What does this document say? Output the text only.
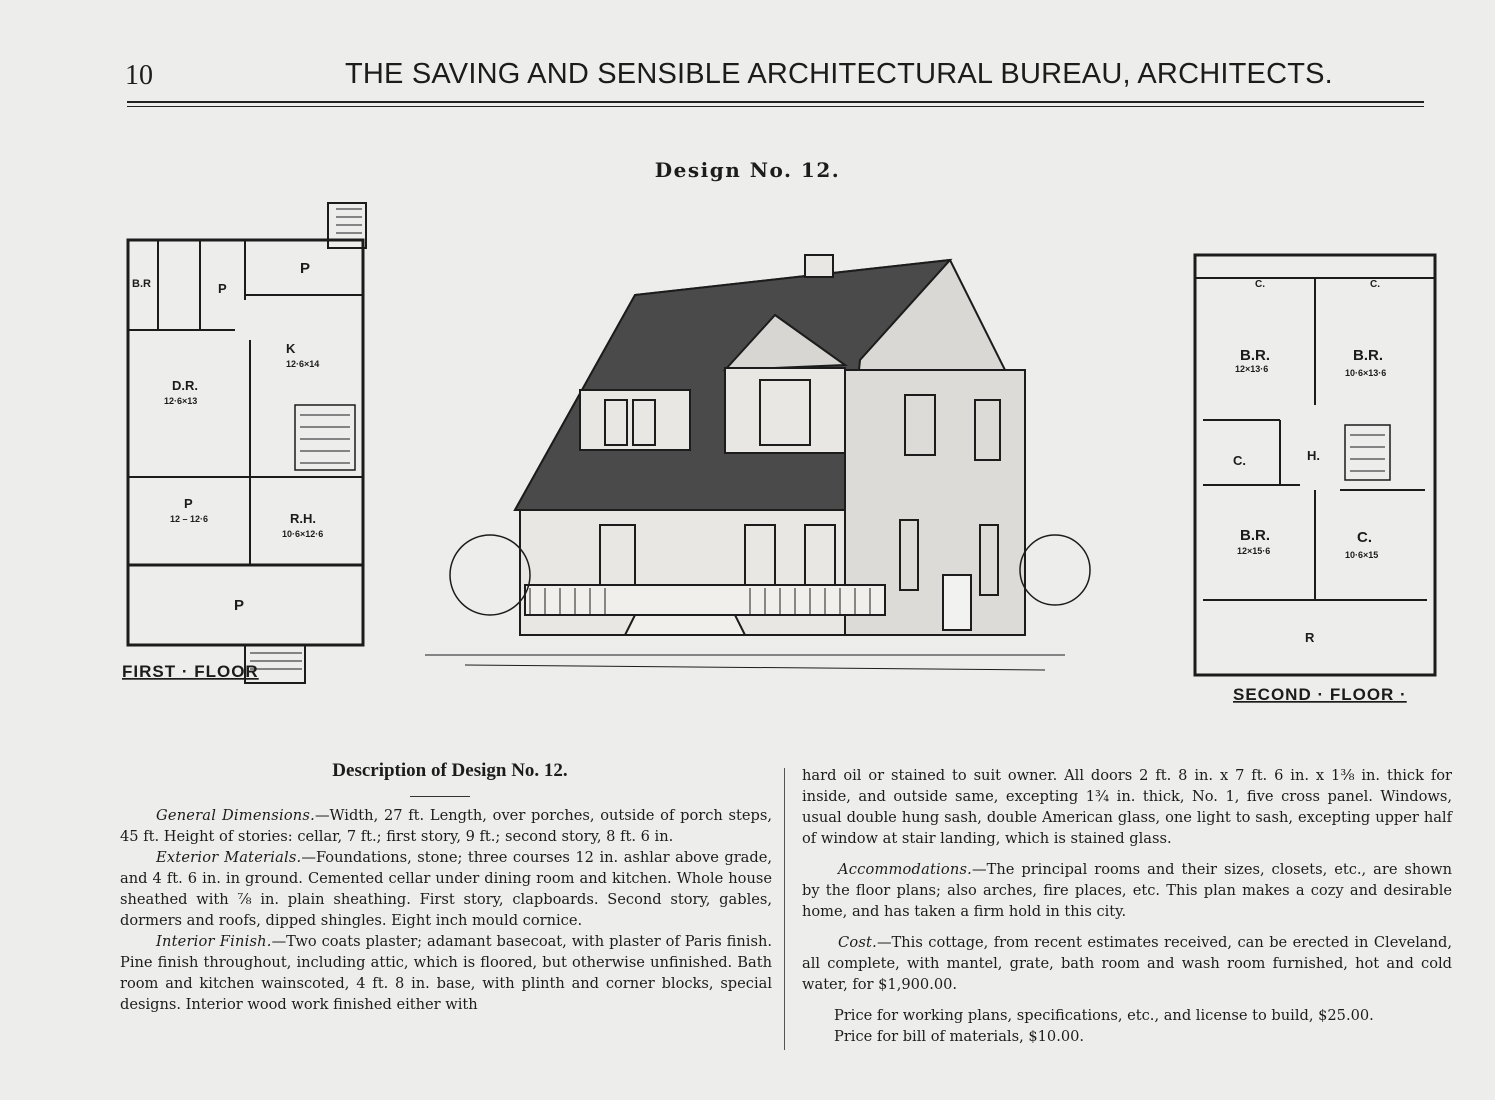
10	THE SAVING AND SENSIBLE ARCHITECTURAL BUREAU, ARCHITECTS.
Design No. 12.
B.R	P
P
K
12·6×14
D.R.
12·6×13
P
12 – 12·6	R.H.
10·6×12·6
P
FIRST · FLOOR
C.	C.
B.R.
12×13·6
B.R.
10·6×13·6
C.	H.
B.R.
12×15·6
C.
10·6×15
R
SECOND · FLOOR ·
Description of Design No. 12.

General Dimensions.—Width, 27 ft. Length, over porches, outside of porch steps, 45 ft. Height of stories: cellar, 7 ft.; first story, 9 ft.; second story, 8 ft. 6 in.

Exterior Materials.—Foundations, stone; three courses 12 in. ashlar above grade, and 4 ft. 6 in. in ground. Cemented cellar under dining room and kitchen. Whole house sheathed with ⅞ in. plain sheathing. First story, clapboards. Second story, gables, dormers and roofs, dipped shingles. Eight inch mould cornice.

Interior Finish.—Two coats plaster; adamant basecoat, with plaster of Paris finish. Pine finish throughout, including attic, which is floored, but otherwise unfinished. Bath room and kitchen wainscoted, 4 ft. 8 in. base, with plinth and corner blocks, special designs. Interior wood work finished either with

hard oil or stained to suit owner. All doors 2 ft. 8 in. x 7 ft. 6 in. x 1⅜ in. thick for inside, and outside same, excepting 1¾ in. thick, No. 1, five cross panel. Windows, usual double hung sash, double American glass, one light to sash, excepting upper half of window at stair landing, which is stained glass.

Accommodations.—The principal rooms and their sizes, closets, etc., are shown by the floor plans; also arches, fire places, etc. This plan makes a cozy and desirable home, and has taken a firm hold in this city.

Cost.—This cottage, from recent estimates received, can be erected in Cleveland, all complete, with mantel, grate, bath room and wash room furnished, hot and cold water, for $1,900.00.

Price for working plans, specifications, etc., and license to build, $25.00.

Price for bill of materials, $10.00.
